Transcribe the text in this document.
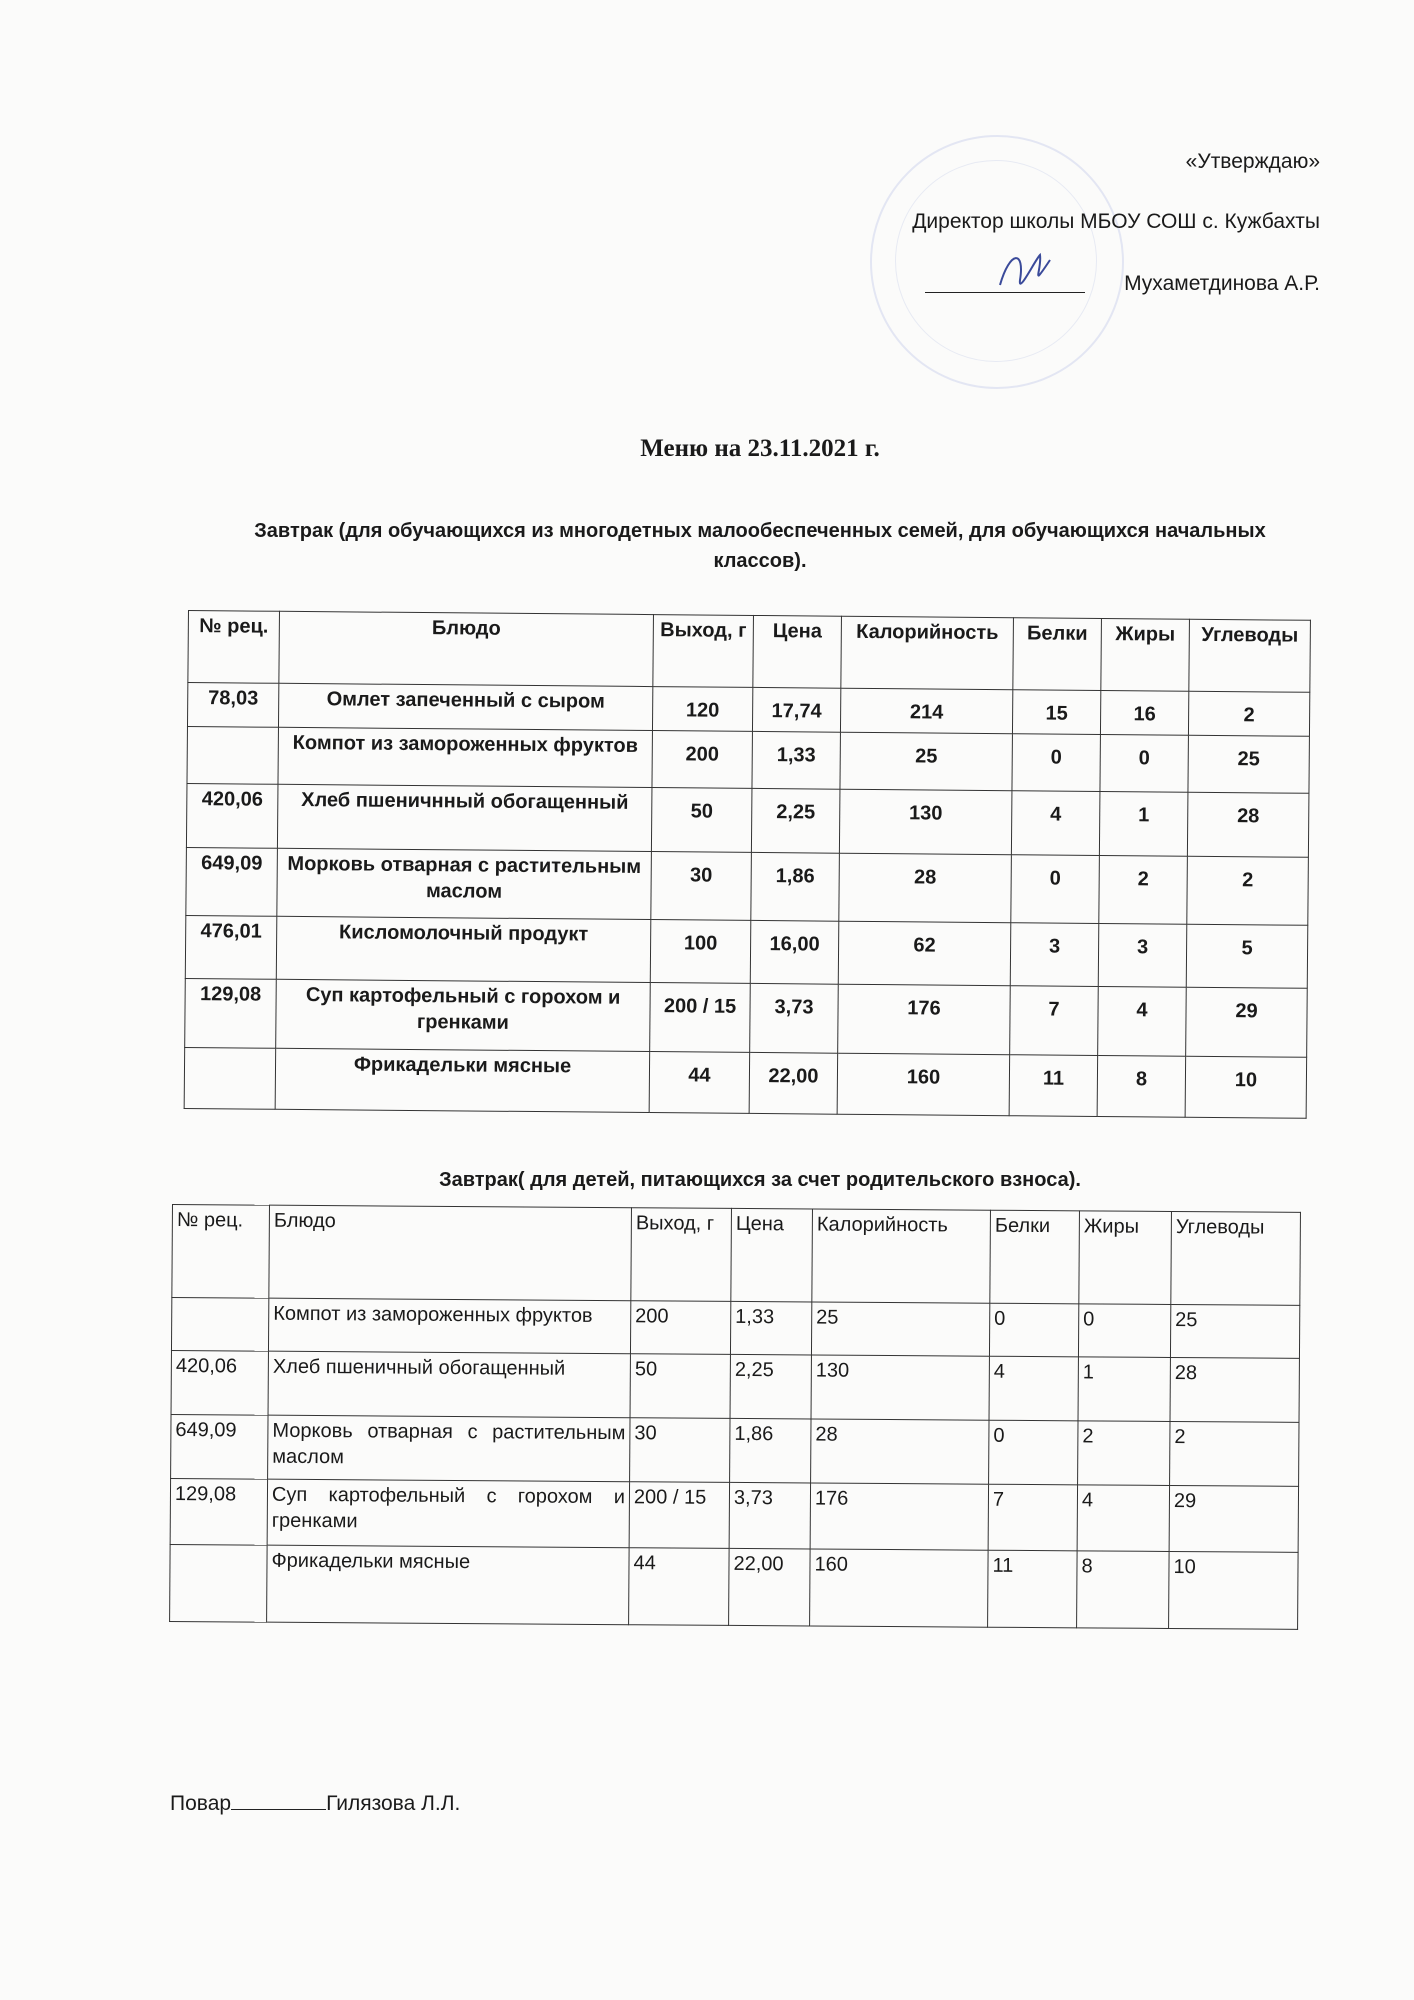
«Утверждаю»
Директор школы МБОУ СОШ с. Кужбахты
Мухаметдинова А.Р.
Меню на 23.11.2021 г.
Завтрак (для обучающихся из многодетных малообеспеченных семей, для обучающихся начальных классов).
№ рец.	Блюдо	Выход, г	Цена	Калорийность	Белки	Жиры	Углеводы
78,03	Омлет запеченный с сыром	120	17,74	214	15	16	2
	Компот из замороженных фруктов	200	1,33	25	0	0	25
420,06	Хлеб пшеничнный обогащенный	50	2,25	130	4	1	28
649,09	Морковь отварная с растительным маслом	30	1,86	28	0	2	2
476,01	Кисломолочный продукт	100	16,00	62	3	3	5
129,08	Суп картофельный с горохом и гренками	200 / 15	3,73	176	7	4	29
	Фрикадельки мясные	44	22,00	160	11	8	10
Завтрак( для детей, питающихся за счет родительского взноса).
№ рец.	Блюдо	Выход, г	Цена	Калорийность	Белки	Жиры	Углеводы
	Компот из замороженных фруктов	200	1,33	25	0	0	25
420,06	Хлеб пшеничный обогащенный	50	2,25	130	4	1	28
649,09	Морковь отварная с растительным маслом	30	1,86	28	0	2	2
129,08	Суп картофельный с горохом и гренками	200 / 15	3,73	176	7	4	29
	Фрикадельки мясные	44	22,00	160	11	8	10
Повар	Гилязова Л.Л.
